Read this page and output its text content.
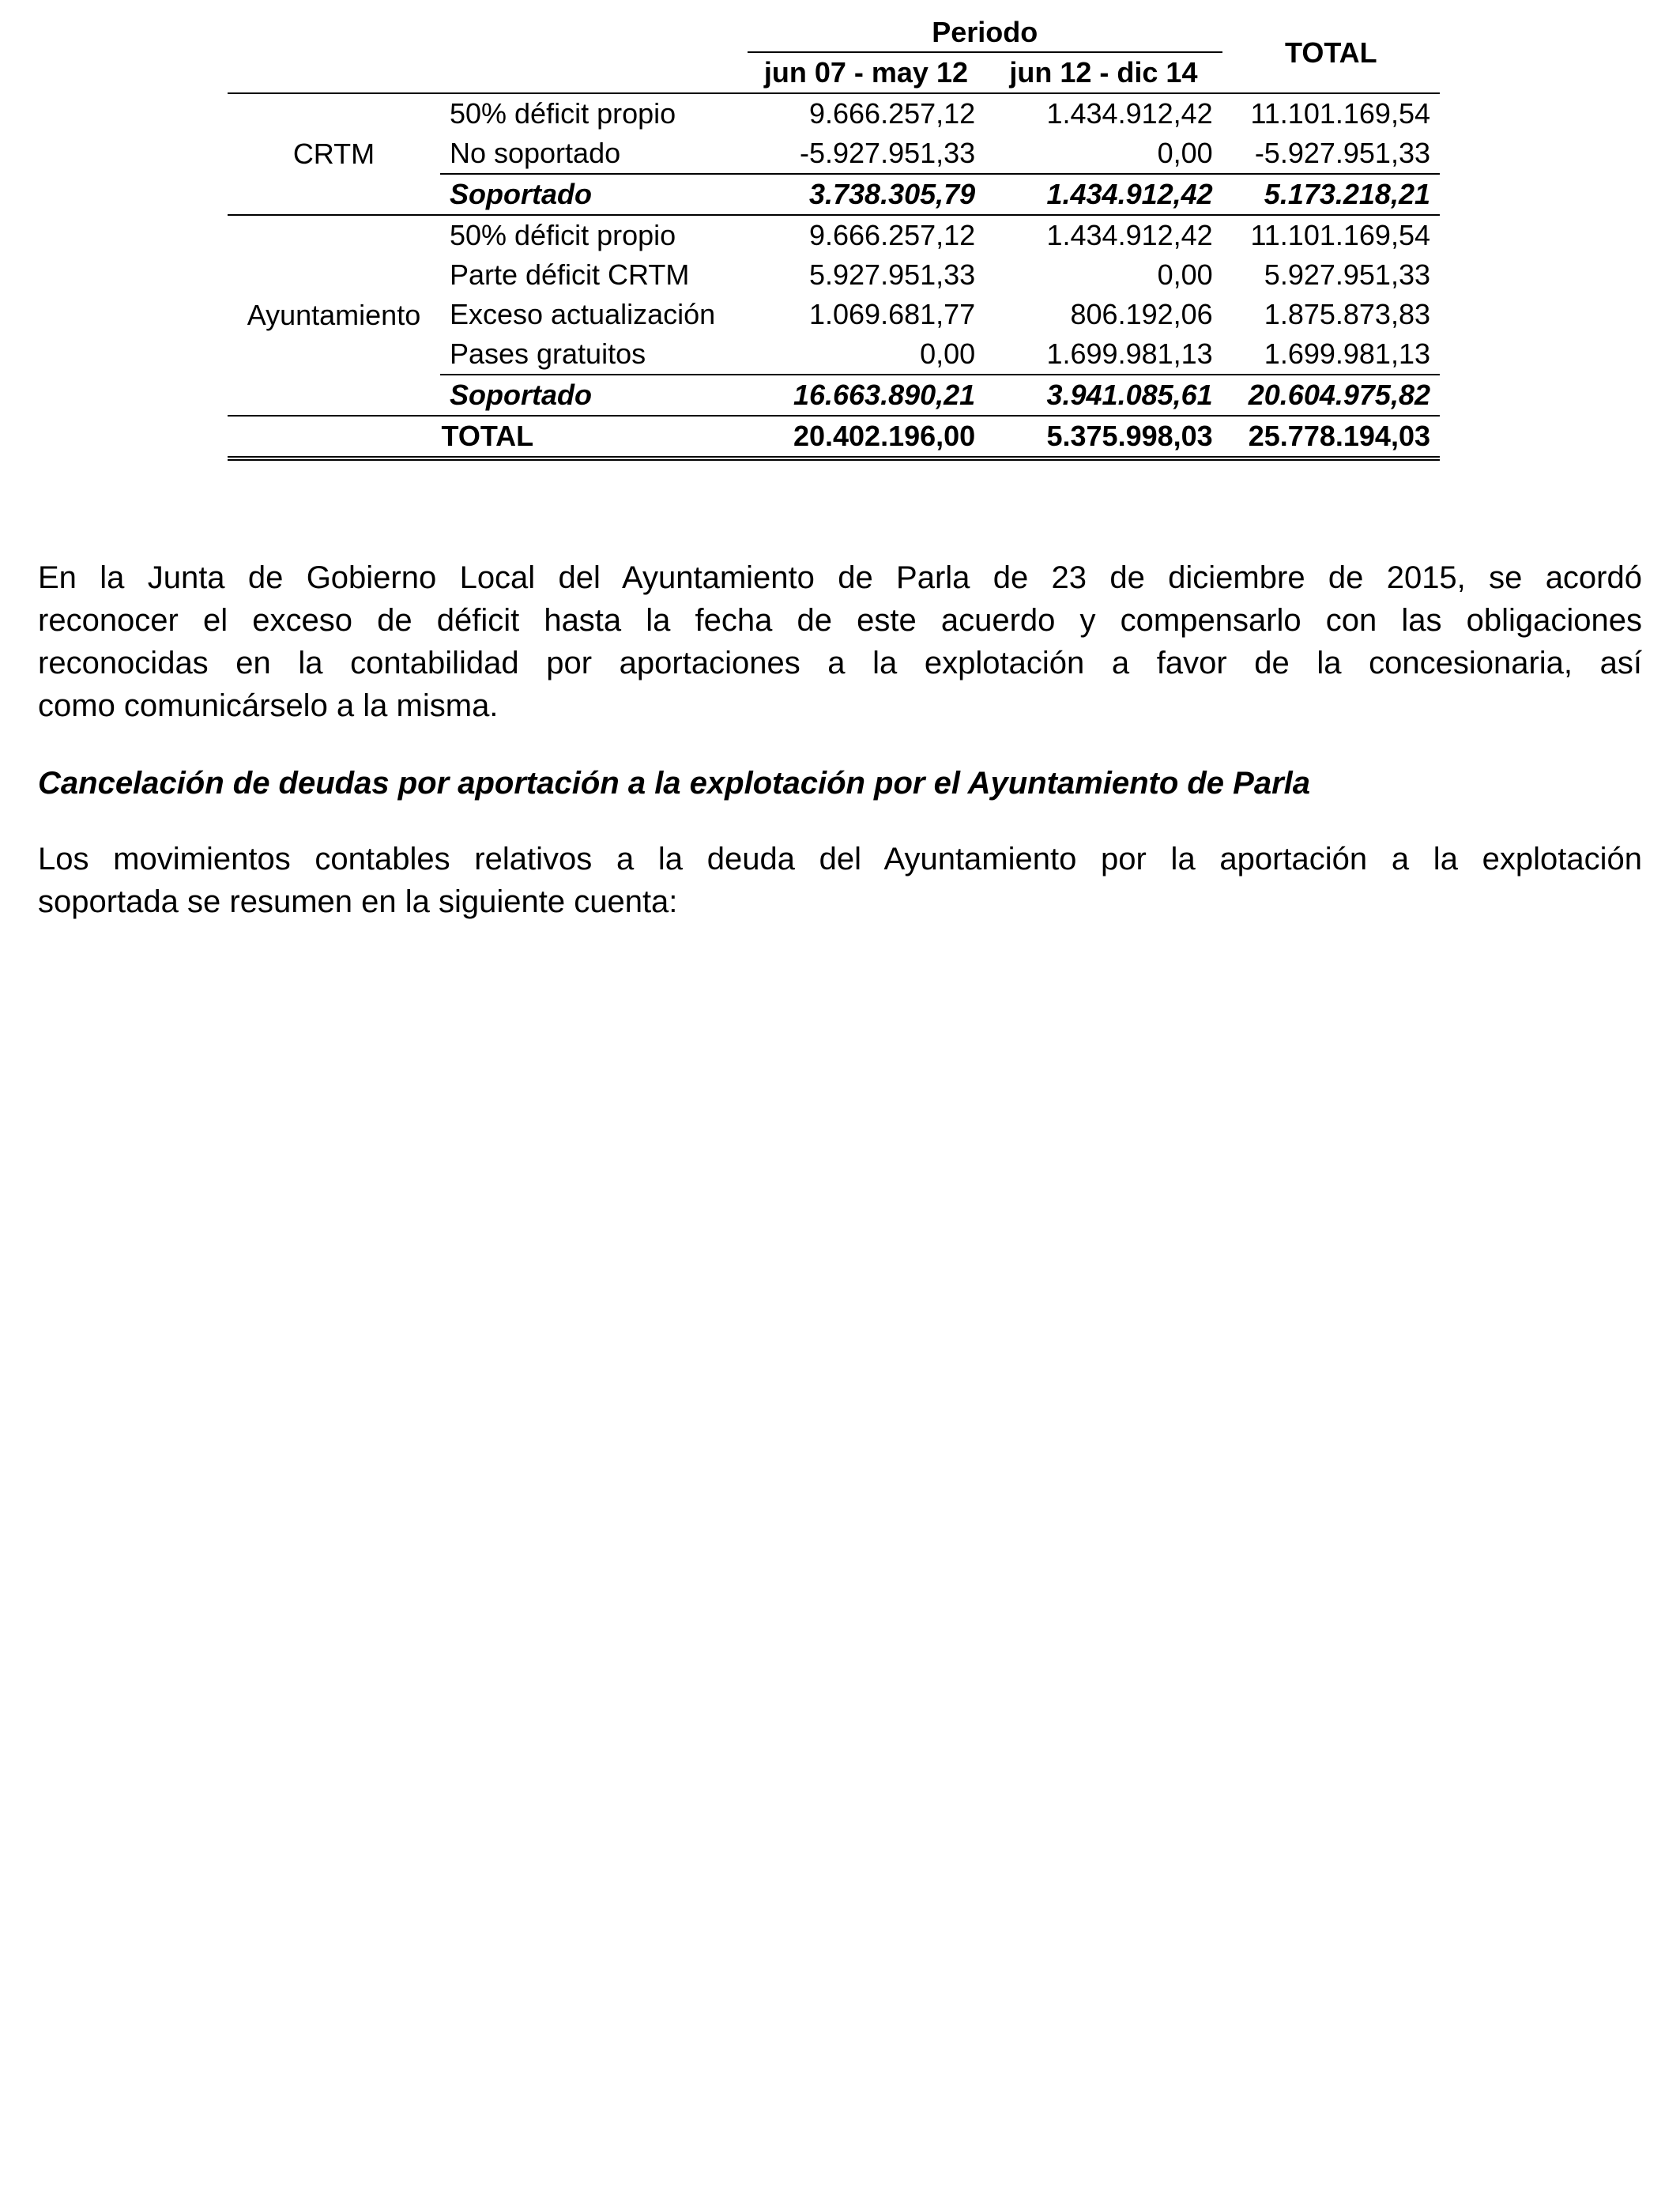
		Periodo		TOTAL
		jun 07 - may 12	jun 12 - dic 14	
CRTM	50% déficit propio	9.666.257,12	1.434.912,42	11.101.169,54
	No soportado	-5.927.951,33	0,00	-5.927.951,33
	Soportado	3.738.305,79	1.434.912,42	5.173.218,21
Ayuntamiento	50% déficit propio	9.666.257,12	1.434.912,42	11.101.169,54
	Parte déficit CRTM	5.927.951,33	0,00	5.927.951,33
	Exceso actualización	1.069.681,77	806.192,06	1.875.873,83
	Pases gratuitos	0,00	1.699.981,13	1.699.981,13
	Soportado	16.663.890,21	3.941.085,61	20.604.975,82
TOTAL		20.402.196,00	5.375.998,03	25.778.194,03

En la Junta de Gobierno Local del Ayuntamiento de Parla de 23 de diciembre de 2015, se acordó
reconocer el exceso de déficit hasta la fecha de este acuerdo y compensarlo con las obligaciones
reconocidas en la contabilidad por aportaciones a la explotación a favor de la concesionaria, así
como comunicárselo a la misma.

Cancelación de deudas por aportación a la explotación por el Ayuntamiento de Parla

Los movimientos contables relativos a la deuda del Ayuntamiento por la aportación a la explotación
soportada se resumen en la siguiente cuenta:
